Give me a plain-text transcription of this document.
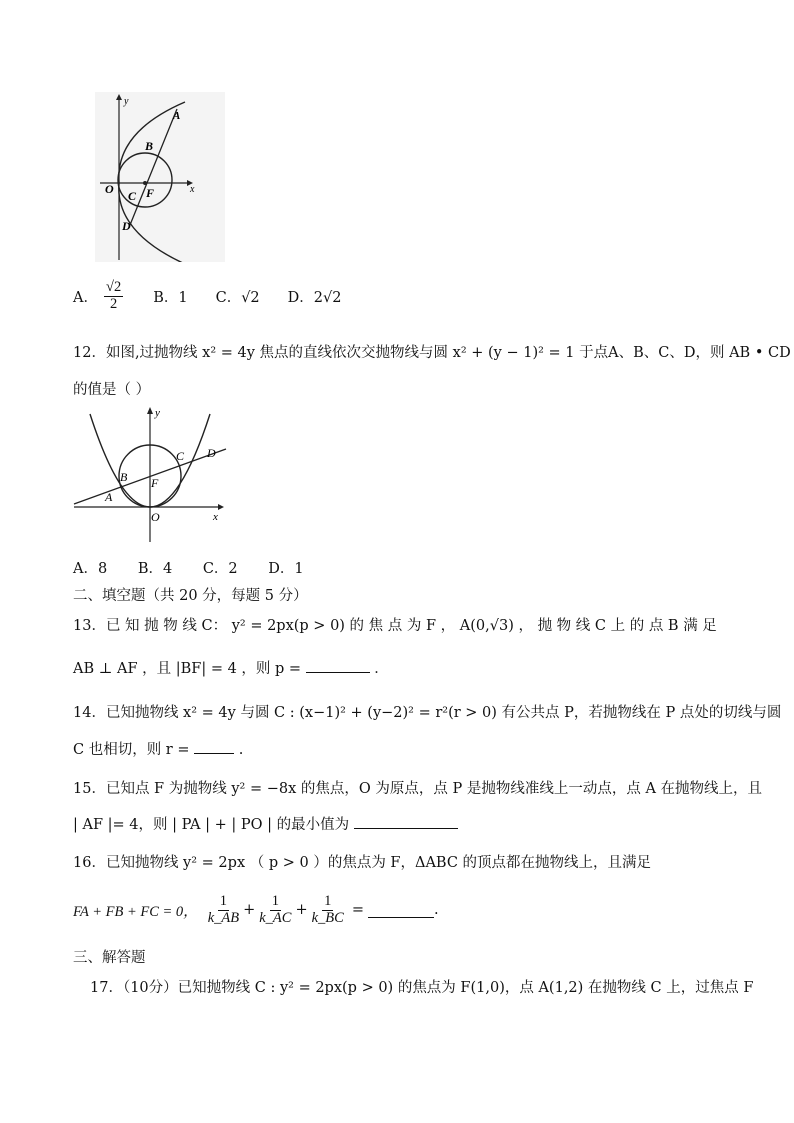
y
x
O	F
A
B
C
D
A． $\frac{√2}{2}$ B．1 C．√2 D．2√2
12．如图,过抛物线 x² = 4y 焦点的直线依次交抛物线与圆 x² + (y − 1)² = 1 于点A、B、C、D，则 AB • CD
的值是（ ）
y
x
O
F
A
B
C D
A．8 B．4 C．2 D．1
二、填空题（共 20 分，每题 5 分）
13．已 知 抛 物 线 C： y² = 2px(p > 0) 的 焦 点 为 F ， A(0,√3) ， 抛 物 线 C 上 的 点 B 满 足
AB ⊥ AF ，且 |BF| = 4 ，则 p =	．
14．已知抛物线 x² = 4y 与圆 C : (x−1)² + (y−2)² = r²(r > 0) 有公共点 P，若抛物线在 P 点处的切线与圆
C 也相切，则 r =	.
15．已知点 F 为抛物线 y² = −8x 的焦点，O 为原点，点 P 是抛物线准线上一动点，点 A 在抛物线上，且
| AF |= 4，则 | PA | + | PO | 的最小值为
16．已知抛物线 y² = 2px （ p > 0 ）的焦点为 F，ΔABC 的顶点都在抛物线上，且满足
FA + FB + FC = 0， $\frac{1}{k\_AB} + \frac{1}{k\_AC} + \frac{1}{k\_BC}$ =	.
三、解答题
17．（10分）已知抛物线 C : y² = 2px(p > 0) 的焦点为 F(1,0)，点 A(1,2) 在抛物线 C 上，过焦点 F
